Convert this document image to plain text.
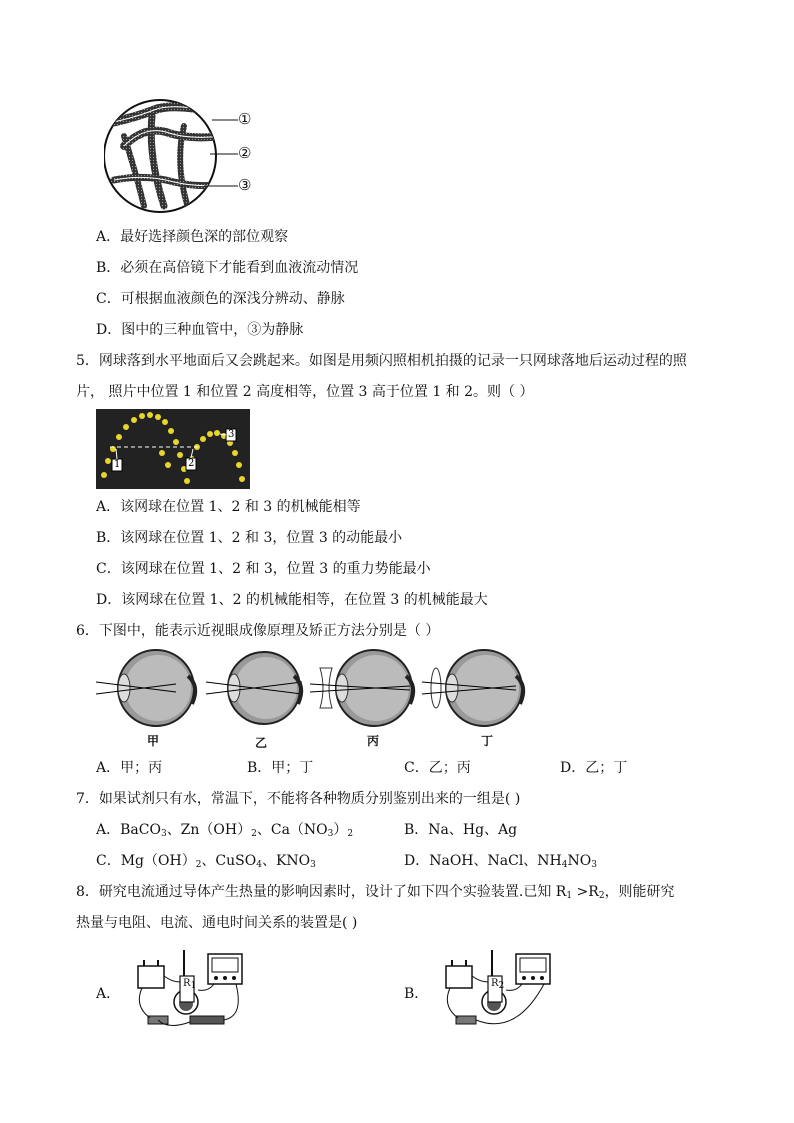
①
②
③
A．最好选择颜色深的部位观察
B．必须在高倍镜下才能看到血液流动情况
C．可根据血液颜色的深浅分辨动、静脉
D．图中的三种血管中，③为静脉
5．网球落到水平地面后又会跳起来。如图是用频闪照相机拍摄的记录一只网球落地后运动过程的照
片， 照片中位置 1 和位置 2 高度相等，位置 3 高于位置 1 和 2。则（ ）
1	2
3
A．该网球在位置 1、2 和 3 的机械能相等
B．该网球在位置 1、2 和 3，位置 3 的动能最小
C．该网球在位置 1、2 和 3，位置 3 的重力势能最小
D．该网球在位置 1、2 的机械能相等，在位置 3 的机械能最大
6．下图中，能表示近视眼成像原理及矫正方法分别是（ ）
甲	乙	丙	丁
A．甲；丙	B．甲；丁	C．乙；丙	D．乙；丁
7．如果试剂只有水，常温下，不能将各种物质分别鉴别出来的一组是( )
A．BaCO$_3$、$Zn(OH)_2$、$Ca(NO_3)_2$	B．Na、Hg、Ag
C．$Mg(OH)_2$、CuSO$_4$、$KNO_3$	D．NaOH、NaCl、$NH_4NO_3$
8．研究电流通过导体产生热量的影响因素时，设计了如下四个实验装置.已知 $R_1 >R_2$，则能研究
热量与电阻、电流、通电时间关系的装置是( )
A．
$R_1$	B．
$R_2$
